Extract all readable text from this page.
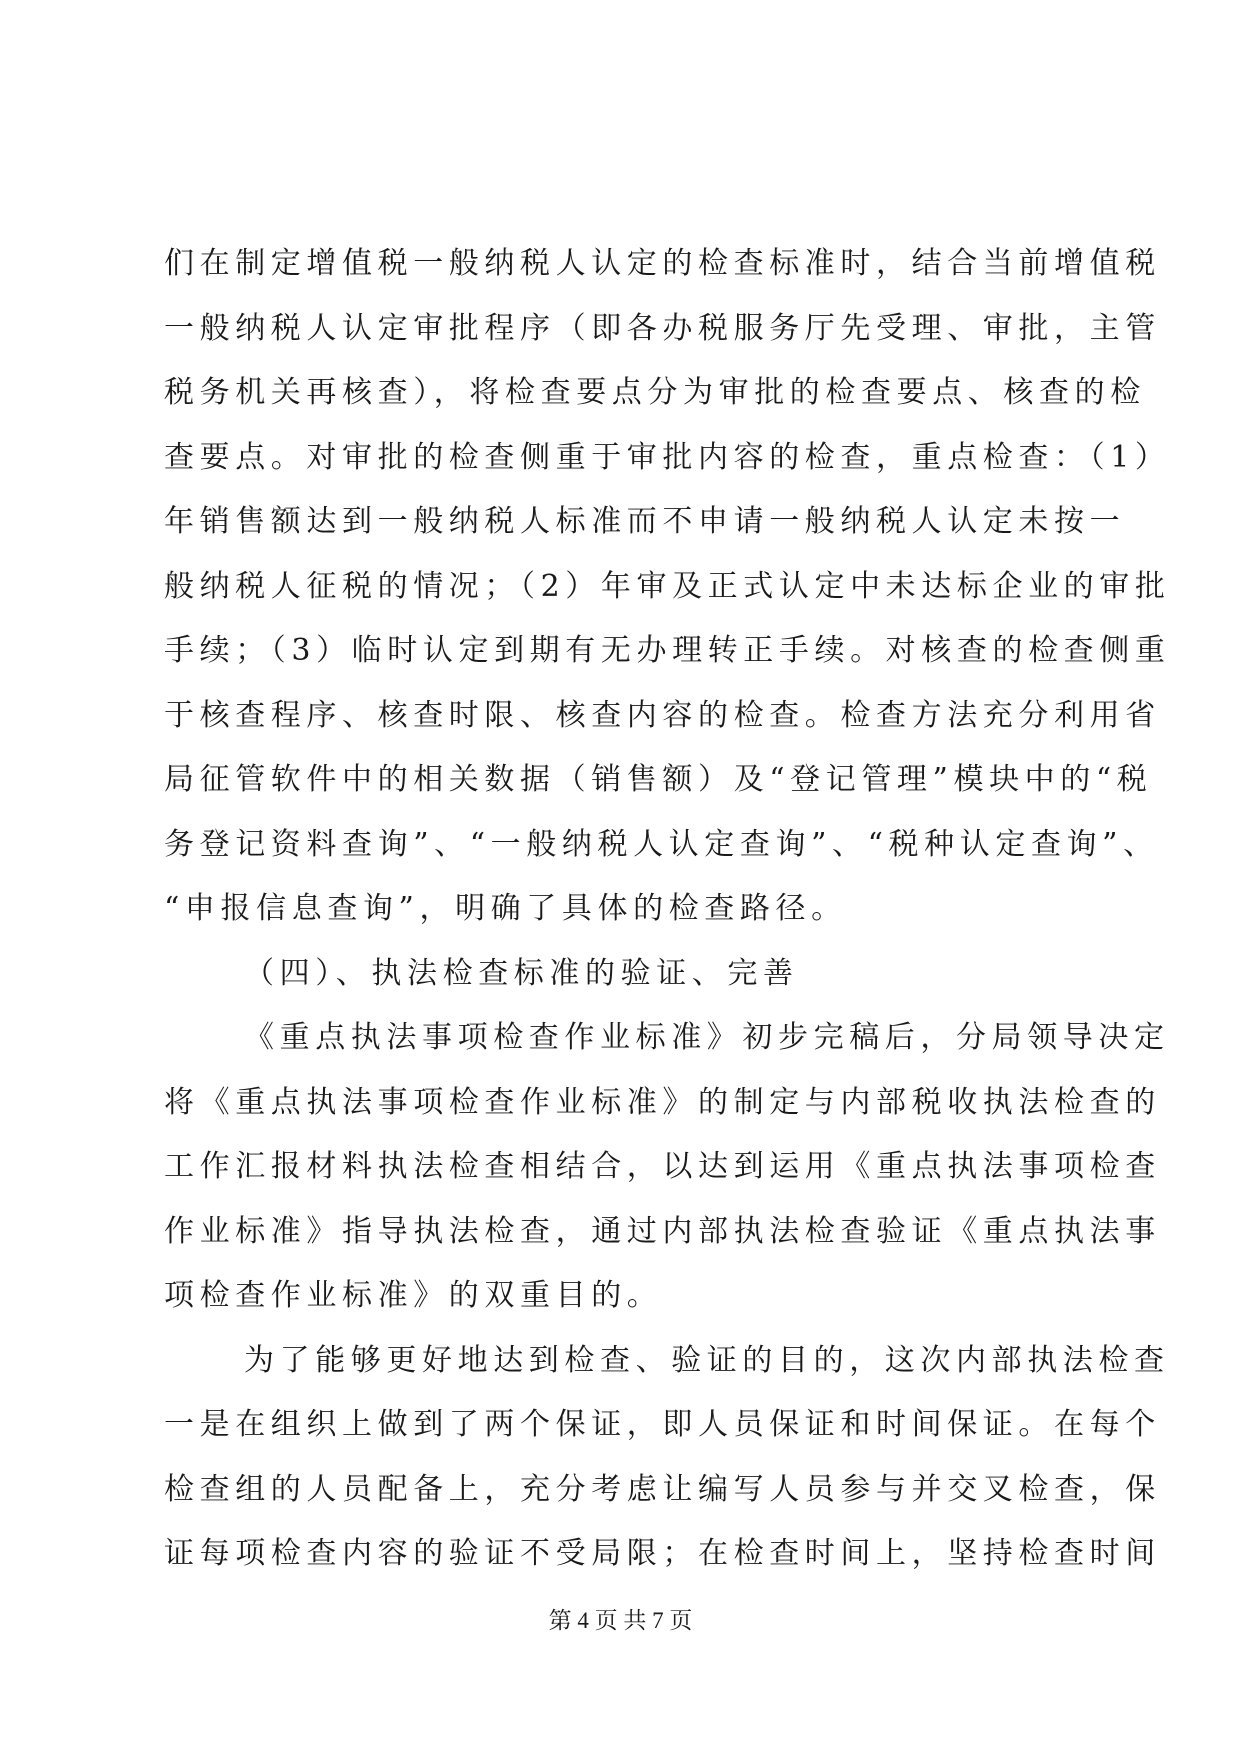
们在制定增值税一般纳税人认定的检查标准时，结合当前增值税
一般纳税人认定审批程序（即各办税服务厅先受理、审批，主管
税务机关再核查），将检查要点分为审批的检查要点、核查的检
查要点。对审批的检查侧重于审批内容的检查，重点检查：（1）
年销售额达到一般纳税人标准而不申请一般纳税人认定未按一
般纳税人征税的情况；（2）年审及正式认定中未达标企业的审批
手续；（3）临时认定到期有无办理转正手续。对核查的检查侧重
于核查程序、核查时限、核查内容的检查。检查方法充分利用省
局征管软件中的相关数据（销售额）及“登记管理”模块中的“税
务登记资料查询”、“一般纳税人认定查询”、“税种认定查询”、
“申报信息查询”，明确了具体的检查路径。
（四）、执法检查标准的验证、完善
《重点执法事项检查作业标准》初步完稿后，分局领导决定
将《重点执法事项检查作业标准》的制定与内部税收执法检查的
工作汇报材料执法检查相结合，以达到运用《重点执法事项检查
作业标准》指导执法检查，通过内部执法检查验证《重点执法事
项检查作业标准》的双重目的。
为了能够更好地达到检查、验证的目的，这次内部执法检查
一是在组织上做到了两个保证，即人员保证和时间保证。在每个
检查组的人员配备上，充分考虑让编写人员参与并交叉检查，保
证每项检查内容的验证不受局限；在检查时间上，坚持检查时间
第 4 页 共 7 页
